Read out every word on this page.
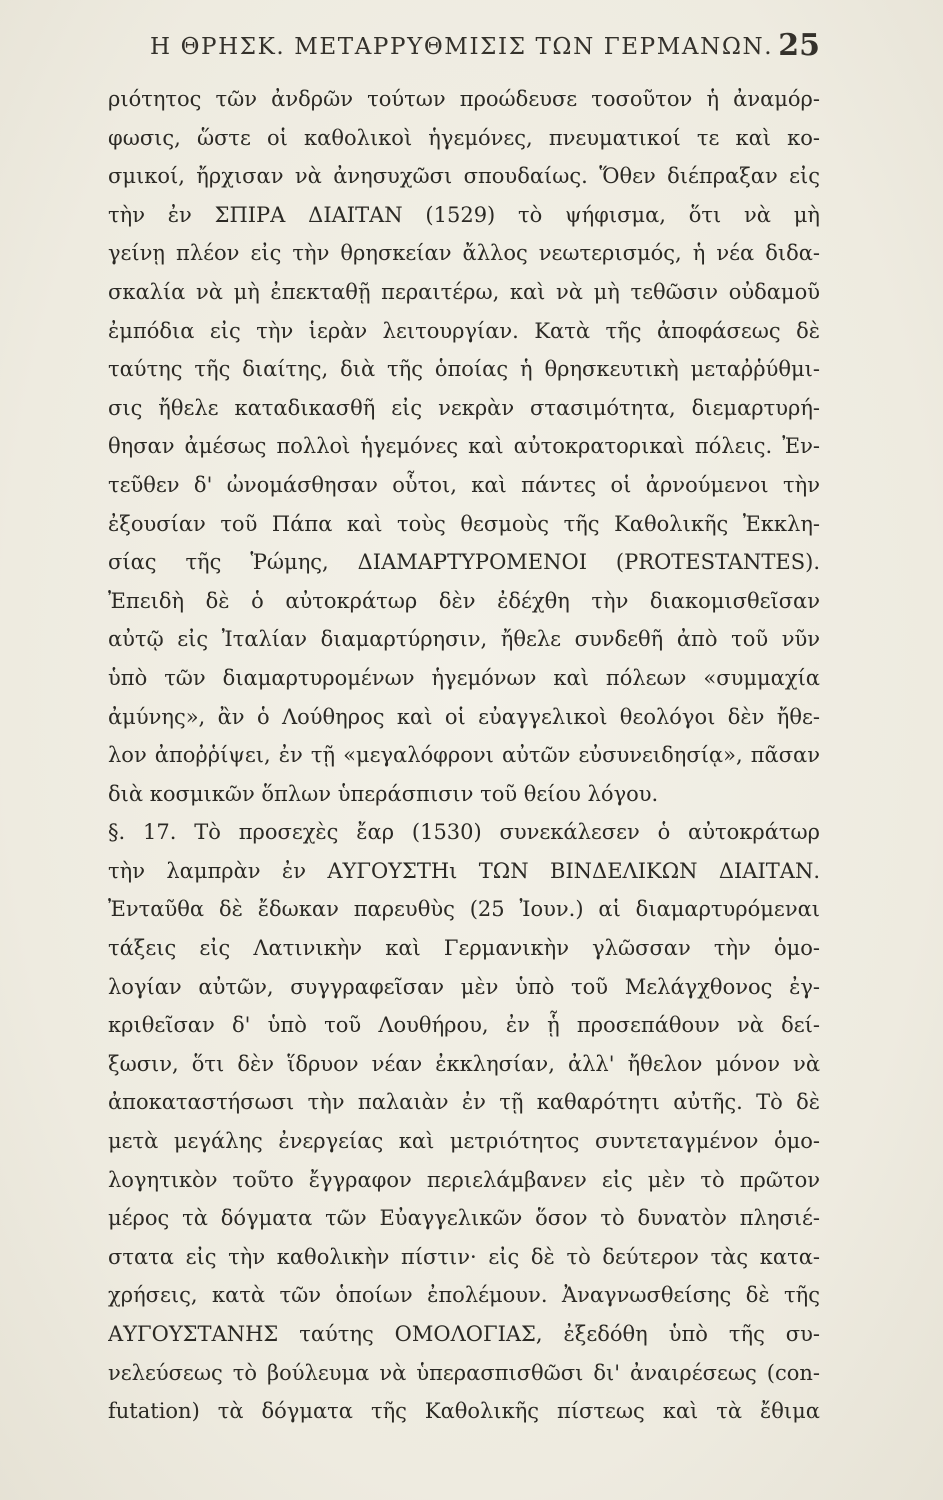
Η ΘΡΗΣΚ. ΜΕΤΑΡΡΥΘΜΙΣΙΣ ΤΩΝ ΓΕΡΜΑΝΩΝ. 25
ριότητος τῶν ἀνδρῶν τούτων προώδευσε τοσοῦτον ἡ ἀναμόρ-
φωσις, ὥστε οἱ καθολικοὶ ἡγεμόνες, πνευματικοί τε καὶ κο-
σμικοί, ἤρχισαν νὰ ἀνησυχῶσι σπουδαίως. Ὅθεν διέπραξαν εἰς
τὴν ἐν ΣΠΙΡΑ ΔΙΑΙΤΑΝ (1529) τὸ ψήφισμα, ὅτι νὰ μὴ
γείνῃ πλέον εἰς τὴν θρησκείαν ἄλλος νεωτερισμός, ἡ νέα διδα-
σκαλία νὰ μὴ ἐπεκταθῇ περαιτέρω, καὶ νὰ μὴ τεθῶσιν οὐδαμοῦ
ἐμπόδια εἰς τὴν ἱερὰν λειτουργίαν. Κατὰ τῆς ἀποφάσεως δὲ
ταύτης τῆς διαίτης, διὰ τῆς ὁποίας ἡ θρησκευτικὴ μεταῤῥύθμι-
σις ἤθελε καταδικασθῆ εἰς νεκρὰν στασιμότητα, διεμαρτυρή-
θησαν ἀμέσως πολλοὶ ἡγεμόνες καὶ αὐτοκρατορικαὶ πόλεις. Ἐν-
τεῦθεν δ' ὠνομάσθησαν οὗτοι, καὶ πάντες οἱ ἀρνούμενοι τὴν
ἐξουσίαν τοῦ Πάπα καὶ τοὺς θεσμοὺς τῆς Καθολικῆς Ἐκκλη-
σίας τῆς Ῥώμης, ΔΙΑΜΑΡΤΥΡΟΜΕΝΟΙ (PROTESTANTES).
Ἐπειδὴ δὲ ὁ αὐτοκράτωρ δὲν ἐδέχθη τὴν διακομισθεῖσαν
αὐτῷ εἰς Ἰταλίαν διαμαρτύρησιν, ἤθελε συνδεθῆ ἀπὸ τοῦ νῦν
ὑπὸ τῶν διαμαρτυρομένων ἡγεμόνων καὶ πόλεων «συμμαχία
ἀμύνης», ἂν ὁ Λούθηρος καὶ οἱ εὐαγγελικοὶ θεολόγοι δὲν ἤθε-
λον ἀποῤῥίψει, ἐν τῇ «μεγαλόφρονι αὐτῶν εὐσυνειδησίᾳ», πᾶσαν
διὰ κοσμικῶν ὅπλων ὑπεράσπισιν τοῦ θείου λόγου.
§. 17. Τὸ προσεχὲς ἔαρ (1530) συνεκάλεσεν ὁ αὐτοκράτωρ
τὴν λαμπρὰν ἐν ΑΥΓΟΥΣΤΗι ΤΩΝ ΒΙΝΔΕΛΙΚΩΝ ΔΙΑΙΤΑΝ.
Ἐνταῦθα δὲ ἔδωκαν παρευθὺς (25 Ἰουν.) αἱ διαμαρτυρόμεναι
τάξεις εἰς Λατινικὴν καὶ Γερμανικὴν γλῶσσαν τὴν ὁμο-
λογίαν αὐτῶν, συγγραφεῖσαν μὲν ὑπὸ τοῦ Μελάγχθονος ἐγ-
κριθεῖσαν δ' ὑπὸ τοῦ Λουθήρου, ἐν ᾗ προσεπάθουν νὰ δεί-
ξωσιν, ὅτι δὲν ἵδρυον νέαν ἐκκλησίαν, ἀλλ' ἤθελον μόνον νὰ
ἀποκαταστήσωσι τὴν παλαιὰν ἐν τῇ καθαρότητι αὐτῆς. Τὸ δὲ
μετὰ μεγάλης ἐνεργείας καὶ μετριότητος συντεταγμένον ὁμο-
λογητικὸν τοῦτο ἔγγραφον περιελάμβανεν εἰς μὲν τὸ πρῶτον
μέρος τὰ δόγματα τῶν Εὐαγγελικῶν ὅσον τὸ δυνατὸν πλησιέ-
στατα εἰς τὴν καθολικὴν πίστιν· εἰς δὲ τὸ δεύτερον τὰς κατα-
χρήσεις, κατὰ τῶν ὁποίων ἐπολέμουν. Ἀναγνωσθείσης δὲ τῆς
ΑΥΓΟΥΣΤΑΝΗΣ ταύτης ΟΜΟΛΟΓΙΑΣ, ἐξεδόθη ὑπὸ τῆς συ-
νελεύσεως τὸ βούλευμα νὰ ὑπερασπισθῶσι δι' ἀναιρέσεως (con-
futation) τὰ δόγματα τῆς Καθολικῆς πίστεως καὶ τὰ ἔθιμα
